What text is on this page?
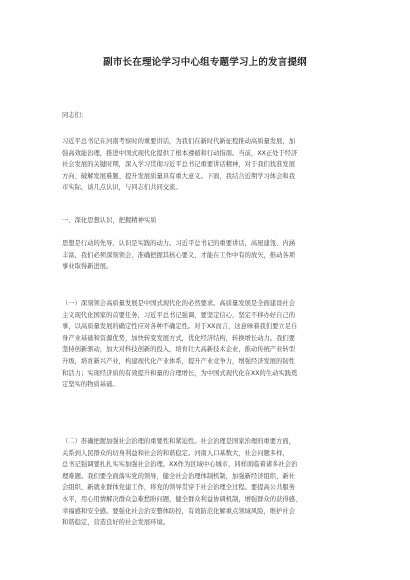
副市长在理论学习中心组专题学习上的发言提纲
同志们：
习近平总书记在河南考察时的重要讲话，为我们在新时代新征程推动高质量发展，加
强高效能治理，推进中国式现代化提供了根本遵循和行动指南。当前，XX正处于经济
社会发展的关键时期，深入学习贯彻习近平总书记重要讲话精神，对于我们找准发展
方向、破解发展难题、提升发展质量具有重大意义。下面，我结合近期学习体会和我
市实际，谈几点认识，与同志们共同交流。
一、深化思想认识，把握精神实质
思想是行动的先导，认识是实践的动力。习近平总书记的重要讲话，高屋建瓴、内涵
丰富，我们必须深刻领会，准确把握其核心要义，才能在工作中有的放矢，推动各项
事业取得新进展。
（一）深刻领会高质量发展是中国式现代化的必然要求。高质量发展是全面建设社会
主义现代化国家的首要任务，习近平总书记强调，要坚定信心，坚定不移办好自己的
事，以高质量发展的确定性应对各种不确定性。对于XX而言，这意味着我们要立足自
身产业基础和资源优势，加快转变发展方式，优化经济结构，转换增长动力。我们要
坚持创新驱动，加大对科技创新的投入，培育壮大高新技术企业，推动传统产业转型
升级，培育新兴产业，构建现代化产业体系，提升产业竞争力，增强经济发展的韧性
和活力；实现经济质的有效提升和量的合理增长，为中国式现代化在XX的生动实践奠
定坚实的物质基础。
（二）准确把握加强社会治理的重要性和紧迫性。社会治理是国家治理的重要方面，
关系到人民群众的切身利益和社会的和谐稳定。河南人口基数大，社会问题多样，
总书记强调要扎扎实实加强社会治理。XX作为区域中心城市，同样面临着诸多社会治
理难题。我们要全面落实党的领导，健全社会治理体制机制，加强新经济组织、新社
会组织、新就业群体党建工作，将党的领导贯穿于社会治理全过程。要提高公共服务
水平，用心用情解决群众急难愁盼问题，健全群众利益协调机制，增强群众的获得感、
幸福感和安全感。要强化社会治安整体防控，有效防范化解重点领域风险，维护社会
和谐稳定，营造良好的社会发展环境。
